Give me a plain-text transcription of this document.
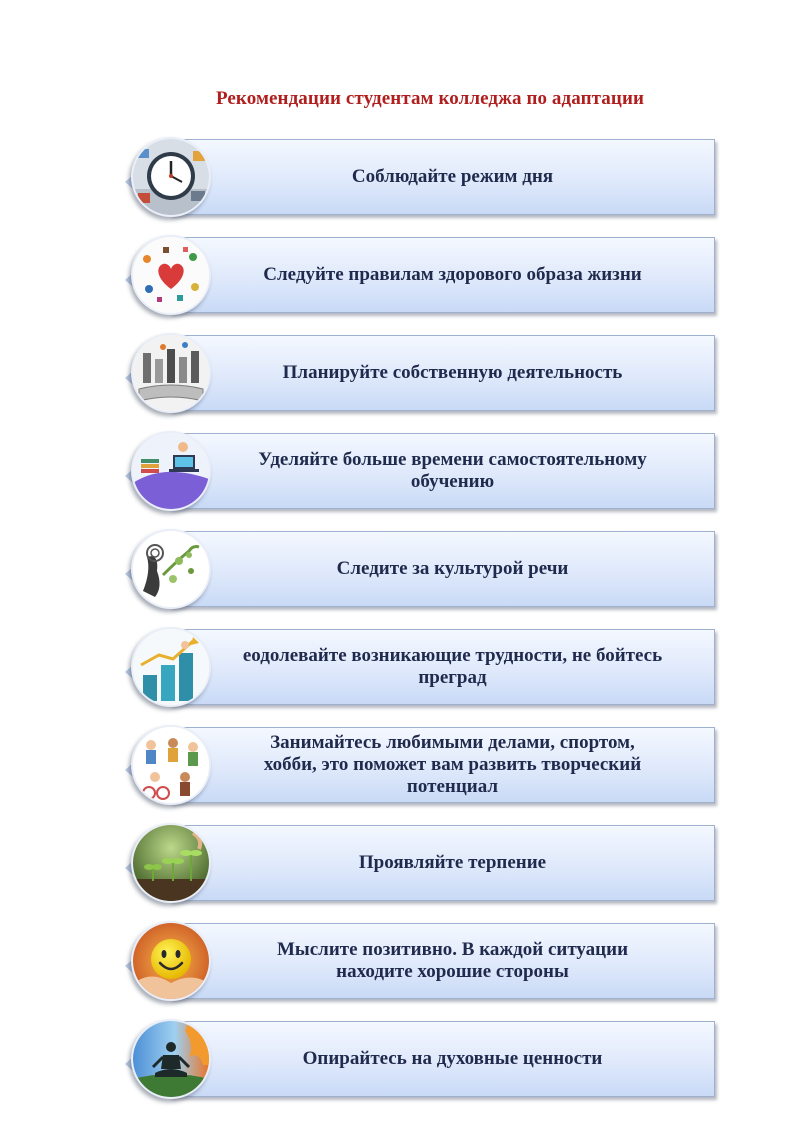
Рекомендации студентам колледжа по адаптации
Соблюдайте режим дня
Следуйте правилам здорового образа жизни
Планируйте собственную деятельность
Уделяйте больше времени самостоятельному
обучению
Следите за культурой речи
еодолевайте возникающие трудности, не бойтесь
преград
Занимайтесь любимыми делами, спортом,
хобби, это поможет вам развить творческий
потенциал
Проявляйте терпение
Мыслите позитивно. В каждой ситуации
находите хорошие стороны
Опирайтесь на духовные ценности
